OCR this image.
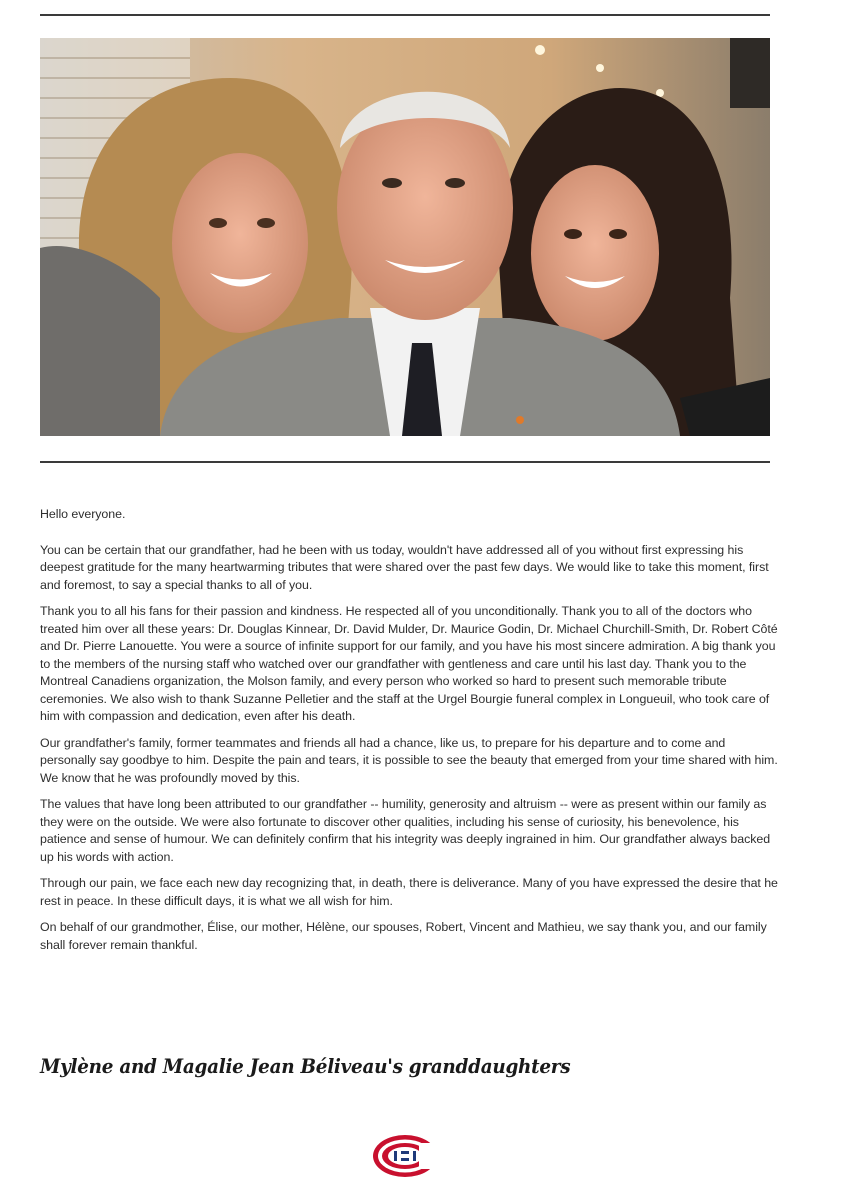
Hello everyone.

You can be certain that our grandfather, had he been with us today, wouldn't have addressed all of you without first expressing his deepest gratitude for the many heartwarming tributes that were shared over the past few days. We would like to take this moment, first and foremost, to say a special thanks to all of you.

Thank you to all his fans for their passion and kindness. He respected all of you unconditionally. Thank you to all of the doctors who treated him over all these years: Dr. Douglas Kinnear, Dr. David Mulder, Dr. Maurice Godin, Dr. Michael Churchill-Smith, Dr. Robert Côté and Dr. Pierre Lanouette. You were a source of infinite support for our family, and you have his most sincere admiration. A big thank you to the members of the nursing staff who watched over our grandfather with gentleness and care until his last day. Thank you to the Montreal Canadiens organization, the Molson family, and every person who worked so hard to present such memorable tribute ceremonies. We also wish to thank Suzanne Pelletier and the staff at the Urgel Bourgie funeral complex in Longueuil, who took care of him with compassion and dedication, even after his death.

Our grandfather's family, former teammates and friends all had a chance, like us, to prepare for his departure and to come and personally say goodbye to him. Despite the pain and tears, it is possible to see the beauty that emerged from your time shared with him. We know that he was profoundly moved by this.

The values that have long been attributed to our grandfather -- humility, generosity and altruism -- were as present within our family as they were on the outside. We were also fortunate to discover other qualities, including his sense of curiosity, his benevolence, his patience and sense of humour. We can definitely confirm that his integrity was deeply ingrained in him. Our grandfather always backed up his words with action.

Through our pain, we face each new day recognizing that, in death, there is deliverance. Many of you have expressed the desire that he rest in peace. In these difficult days, it is what we all wish for him.

On behalf of our grandmother, Élise, our mother, Hélène, our spouses, Robert, Vincent and Mathieu, we say thank you, and our family shall forever remain thankful.

Mylène and Magalie Jean Béliveau's granddaughters
